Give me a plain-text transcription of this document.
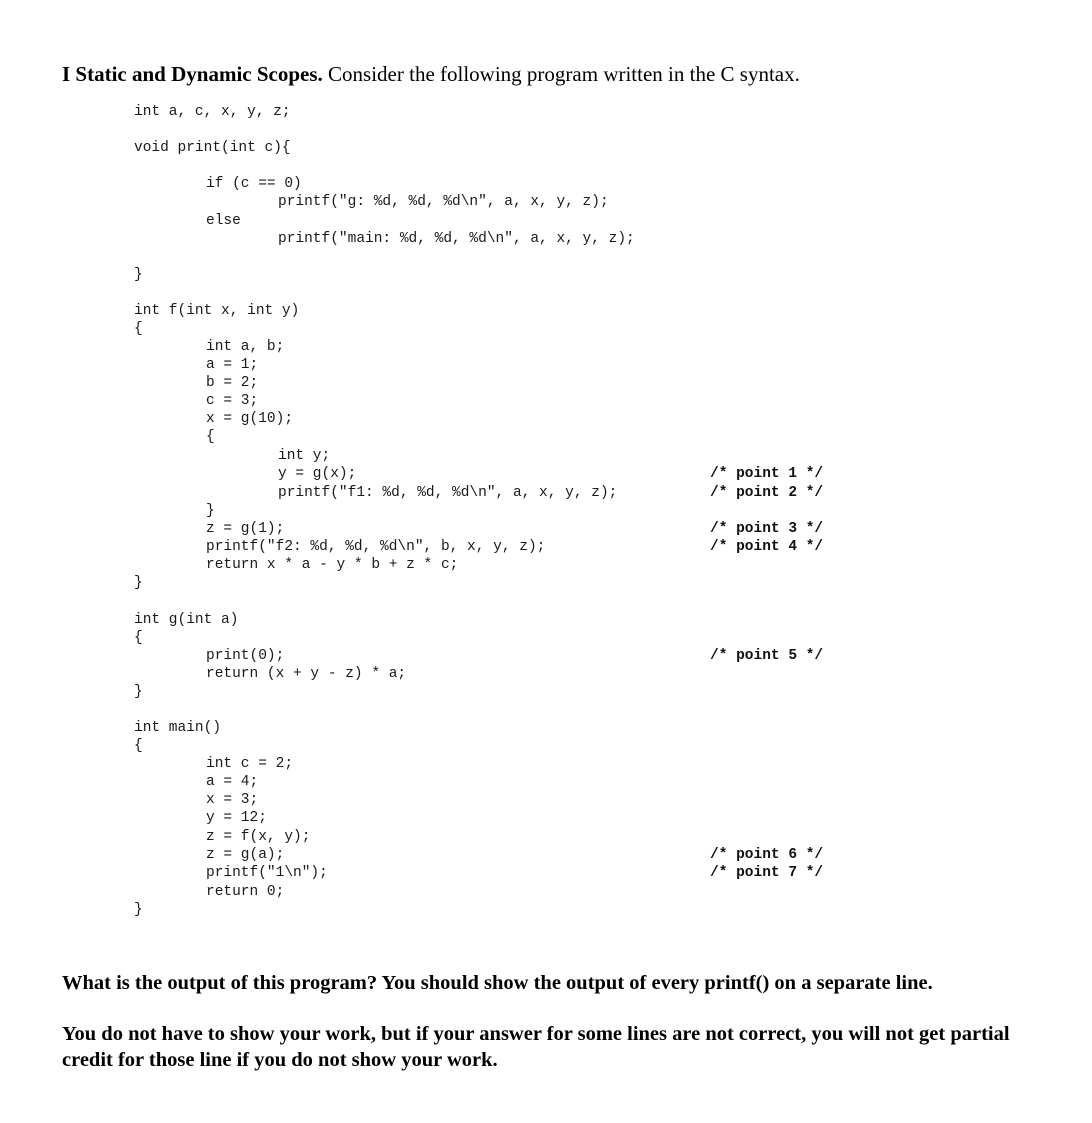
I Static and Dynamic Scopes. Consider the following program written in the C syntax.
int a, c, x, y, z;
void print(int c){
if (c == 0)
printf("g: %d, %d, %d\n", a, x, y, z);
else
printf("main: %d, %d, %d\n", a, x, y, z);
}
int f(int x, int y)
{
int a, b;
a = 1;
b = 2;
c = 3;
x = g(10);
{
int y;
y = g(x);
printf("f1: %d, %d, %d\n", a, x, y, z);
}
z = g(1);
printf("f2: %d, %d, %d\n", b, x, y, z);
return x * a - y * b + z * c;
}
int g(int a)
{
print(0);
return (x + y - z) * a;
}
int main()
{
int c = 2;
a = 4;
x = 3;
y = 12;
z = f(x, y);
z = g(a);
printf("1\n");
return 0;
}
/* point 1 */
/* point 2 */
/* point 3 */
/* point 4 */
/* point 5 */
/* point 6 */
/* point 7 */
What is the output of this program? You should show the output of every printf() on a separate line.
You do not have to show your work, but if your answer for some lines are not correct, you will not get partial credit for those line if you do not show your work.
